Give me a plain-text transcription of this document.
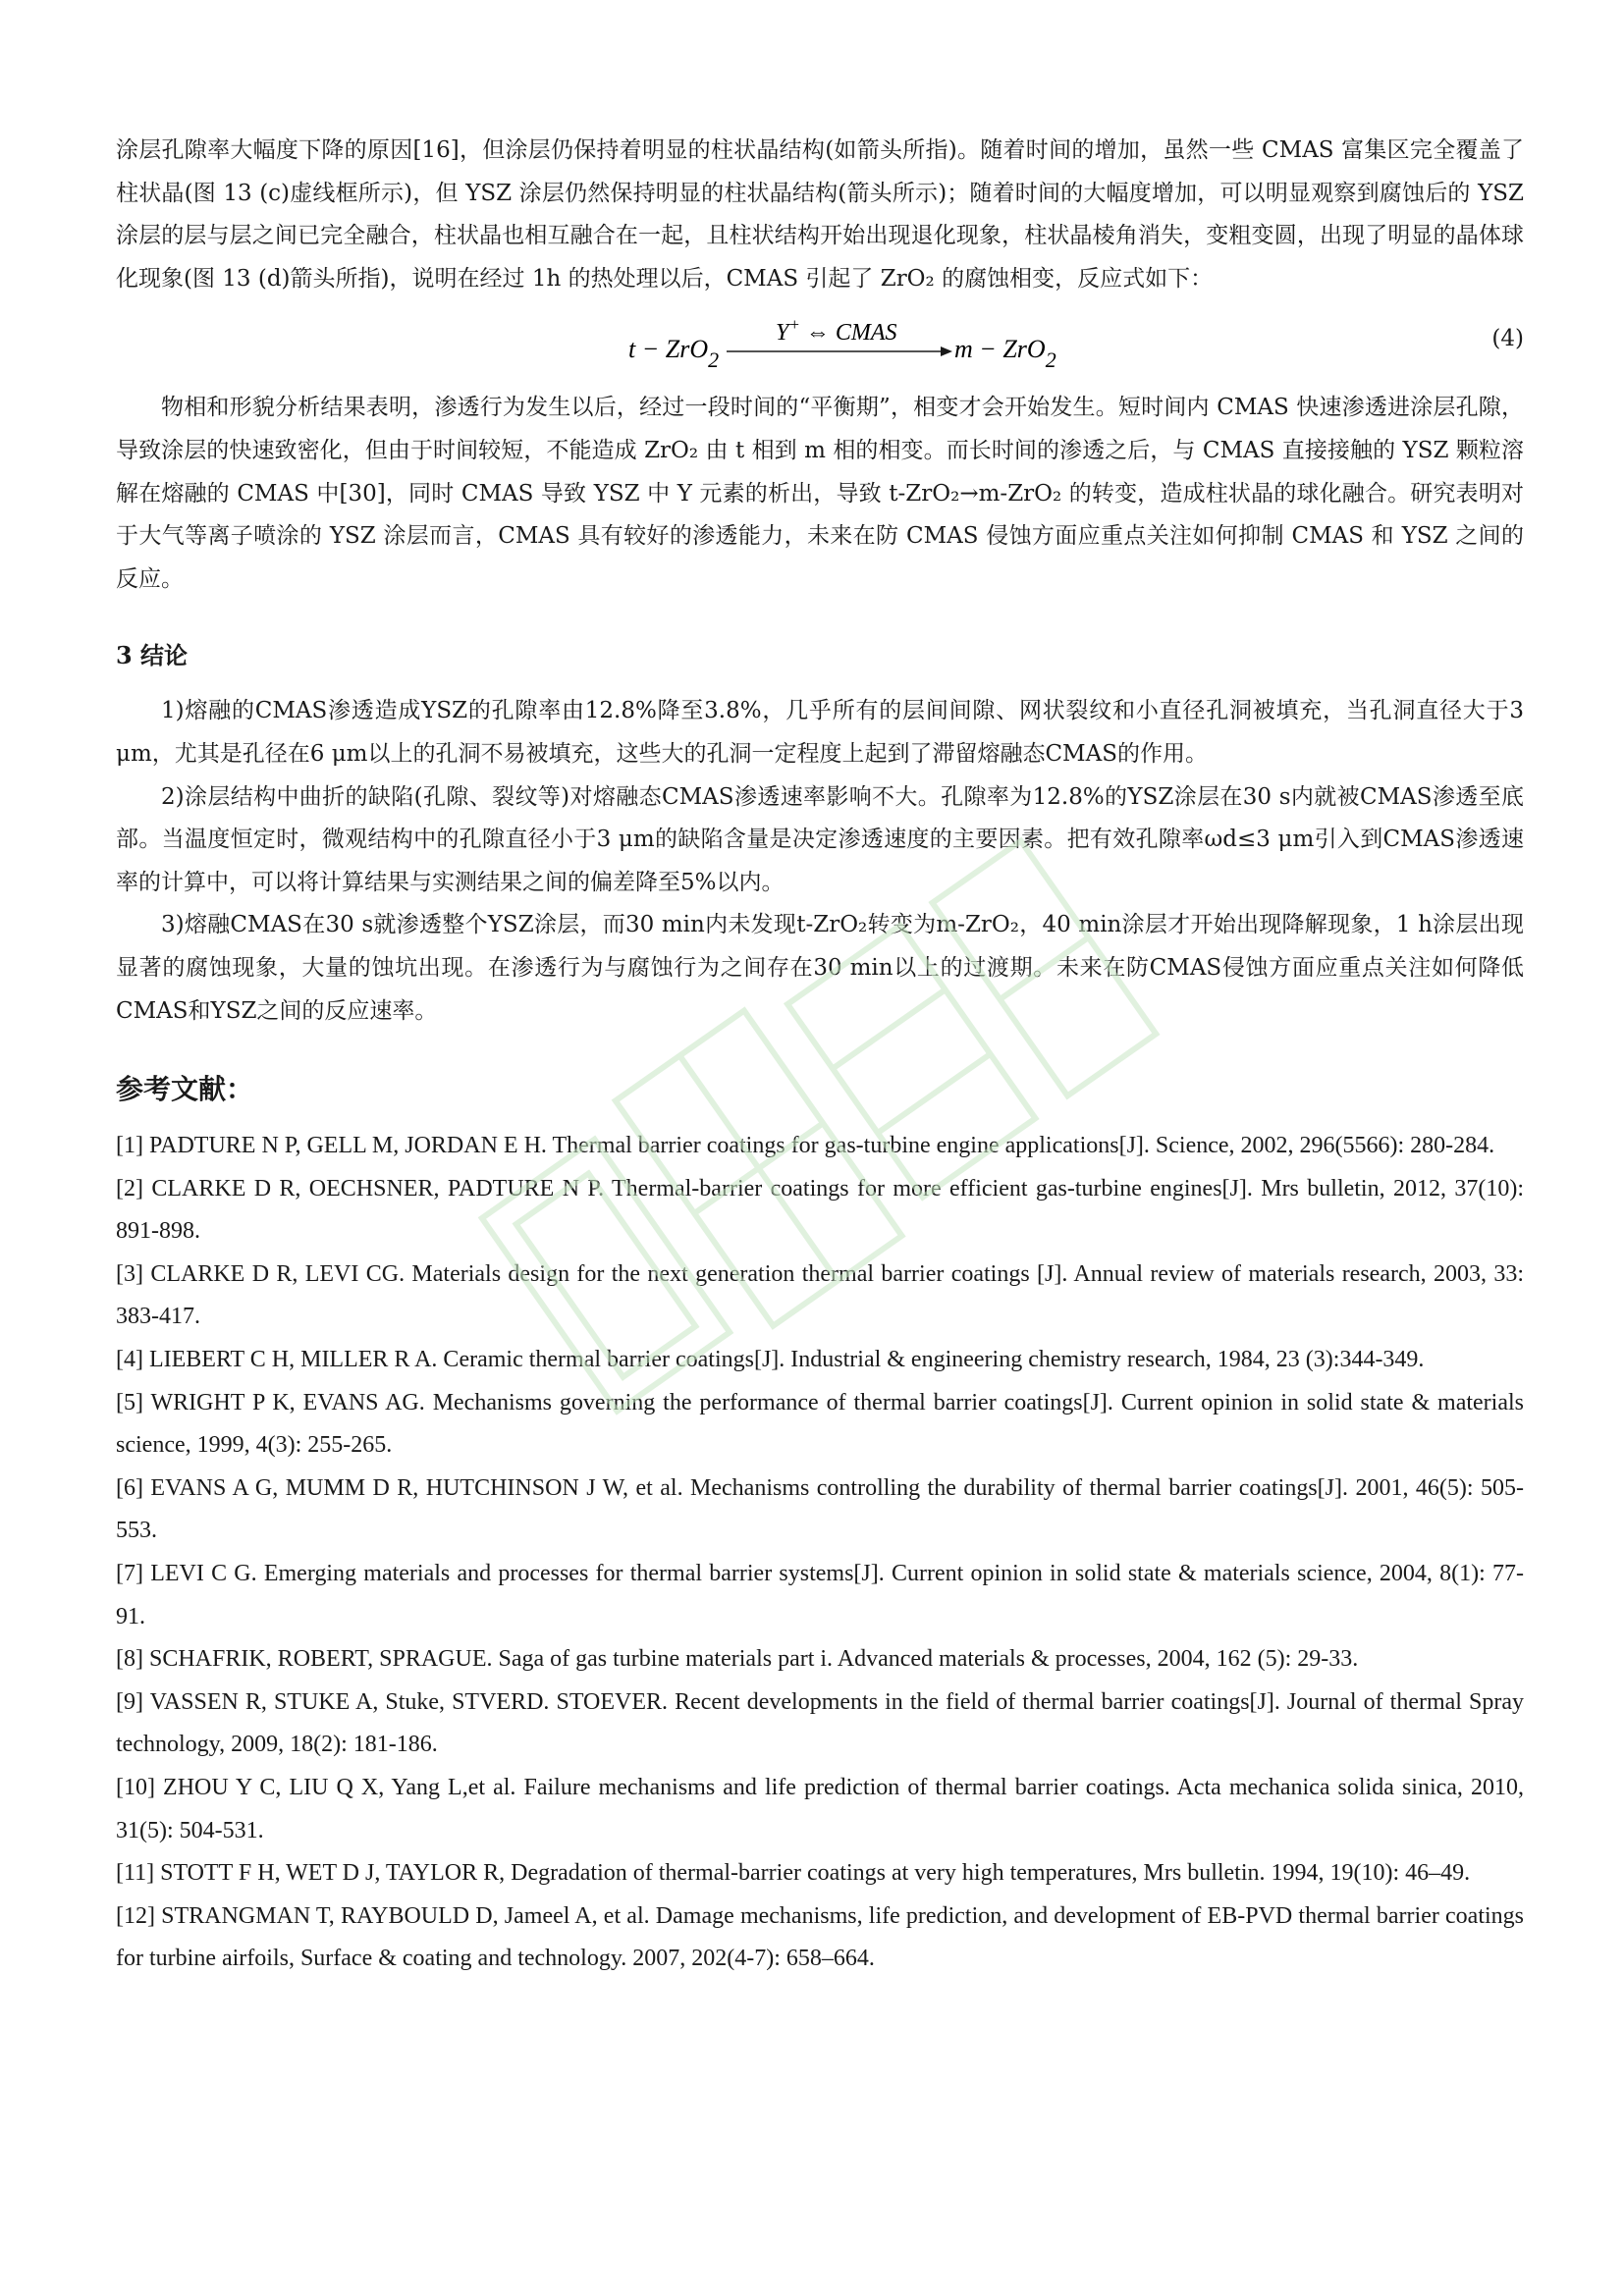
涂层孔隙率大幅度下降的原因[16]，但涂层仍保持着明显的柱状晶结构(如箭头所指)。随着时间的增加，虽然一些 CMAS 富集区完全覆盖了柱状晶(图 13 (c)虚线框所示)，但 YSZ 涂层仍然保持明显的柱状晶结构(箭头所示)；随着时间的大幅度增加，可以明显观察到腐蚀后的 YSZ 涂层的层与层之间已完全融合，柱状晶也相互融合在一起，且柱状结构开始出现退化现象，柱状晶棱角消失，变粗变圆，出现了明显的晶体球化现象(图 13 (d)箭头所指)，说明在经过 1h 的热处理以后，CMAS 引起了 ZrO₂ 的腐蚀相变，反应式如下：

t − ZrO$_2$
Y+ ⇔ CMAS
m − ZrO$_2$
(4)

物相和形貌分析结果表明，渗透行为发生以后，经过一段时间的“平衡期”，相变才会开始发生。短时间内 CMAS 快速渗透进涂层孔隙，导致涂层的快速致密化，但由于时间较短，不能造成 ZrO₂ 由 t 相到 m 相的相变。而长时间的渗透之后，与 CMAS 直接接触的 YSZ 颗粒溶解在熔融的 CMAS 中[30]，同时 CMAS 导致 YSZ 中 Y 元素的析出，导致 t-ZrO₂→m-ZrO₂ 的转变，造成柱状晶的球化融合。研究表明对于大气等离子喷涂的 YSZ 涂层而言，CMAS 具有较好的渗透能力，未来在防 CMAS 侵蚀方面应重点关注如何抑制 CMAS 和 YSZ 之间的反应。

3 结论

1)熔融的CMAS渗透造成YSZ的孔隙率由12.8%降至3.8%，几乎所有的层间间隙、网状裂纹和小直径孔洞被填充，当孔洞直径大于3 μm，尤其是孔径在6 μm以上的孔洞不易被填充，这些大的孔洞一定程度上起到了滞留熔融态CMAS的作用。

2)涂层结构中曲折的缺陷(孔隙、裂纹等)对熔融态CMAS渗透速率影响不大。孔隙率为12.8%的YSZ涂层在30 s内就被CMAS渗透至底部。当温度恒定时，微观结构中的孔隙直径小于3 μm的缺陷含量是决定渗透速度的主要因素。把有效孔隙率ωd≤3 μm引入到CMAS渗透速率的计算中，可以将计算结果与实测结果之间的偏差降至5%以内。

3)熔融CMAS在30 s就渗透整个YSZ涂层，而30 min内未发现t-ZrO₂转变为m-ZrO₂，40 min涂层才开始出现降解现象，1 h涂层出现显著的腐蚀现象，大量的蚀坑出现。在渗透行为与腐蚀行为之间存在30 min以上的过渡期。未来在防CMAS侵蚀方面应重点关注如何降低CMAS和YSZ之间的反应速率。

参考文献：
[1] PADTURE N P, GELL M, JORDAN E H. Thermal barrier coatings for gas-turbine engine applications[J]. Science, 2002, 296(5566): 280-284.
[2] CLARKE D R, OECHSNER, PADTURE N P. Thermal-barrier coatings for more efficient gas-turbine engines[J]. Mrs bulletin, 2012, 37(10): 891-898.
[3] CLARKE D R, LEVI CG. Materials design for the next generation thermal barrier coatings [J]. Annual review of materials research, 2003, 33: 383-417.
[4] LIEBERT C H, MILLER R A. Ceramic thermal barrier coatings[J]. Industrial & engineering chemistry research, 1984, 23 (3):344-349.
[5] WRIGHT P K, EVANS AG. Mechanisms governing the performance of thermal barrier coatings[J]. Current opinion in solid state & materials science, 1999, 4(3): 255-265.
[6] EVANS A G, MUMM D R, HUTCHINSON J W, et al. Mechanisms controlling the durability of thermal barrier coatings[J]. 2001, 46(5): 505-553.
[7] LEVI C G. Emerging materials and processes for thermal barrier systems[J]. Current opinion in solid state & materials science, 2004, 8(1): 77-91.
[8] SCHAFRIK, ROBERT, SPRAGUE. Saga of gas turbine materials part i. Advanced materials & processes, 2004, 162 (5): 29-33.
[9] VASSEN R, STUKE A, Stuke, STVERD. STOEVER. Recent developments in the field of thermal barrier coatings[J]. Journal of thermal Spray technology, 2009, 18(2): 181-186.
[10] ZHOU Y C, LIU Q X, Yang L,et al. Failure mechanisms and life prediction of thermal barrier coatings. Acta mechanica solida sinica, 2010, 31(5): 504-531.
[11] STOTT F H, WET D J, TAYLOR R, Degradation of thermal-barrier coatings at very high temperatures, Mrs bulletin. 1994, 19(10): 46–49.
[12] STRANGMAN T, RAYBOULD D, Jameel A, et al. Damage mechanisms, life prediction, and development of EB-PVD thermal barrier coatings for turbine airfoils, Surface & coating and technology. 2007, 202(4-7): 658–664.
